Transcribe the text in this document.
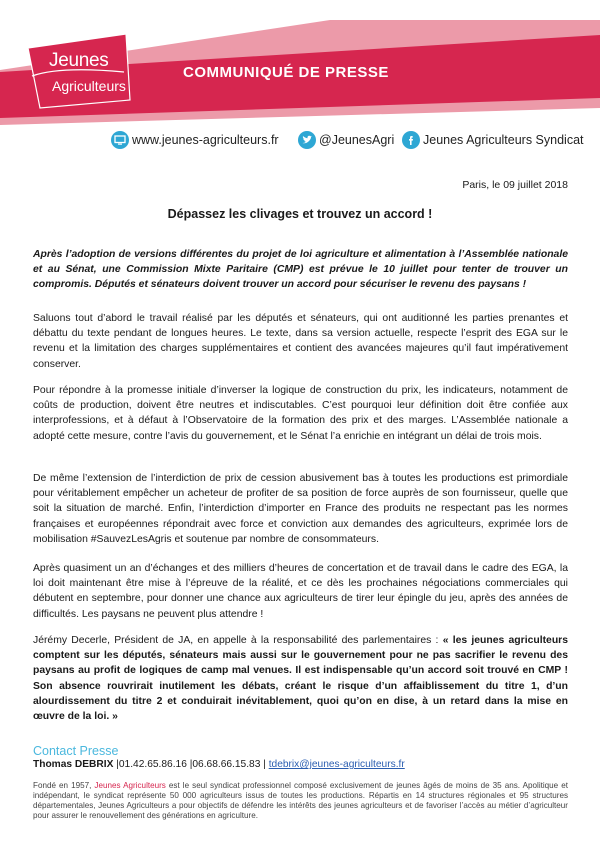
Jeunes
Agriculteurs
COMMUNIQUÉ DE PRESSE
www.jeunes-agriculteurs.fr	@JeunesAgri Jeunes Agriculteurs Syndicat
Paris, le 09 juillet 2018
Dépassez les clivages et trouvez un accord !

Après l’adoption de versions différentes du projet de loi agriculture et alimentation à l’Assemblée nationale et au Sénat, une Commission Mixte Paritaire (CMP) est prévue le 10 juillet pour tenter de trouver un compromis. Députés et sénateurs doivent trouver un accord pour sécuriser le revenu des paysans !

Saluons tout d’abord le travail réalisé par les députés et sénateurs, qui ont auditionné les parties prenantes et débattu du texte pendant de longues heures. Le texte, dans sa version actuelle, respecte l’esprit des EGA sur le revenu et la limitation des charges supplémentaires et contient des avancées majeures qu’il faut impérativement conserver.

Pour répondre à la promesse initiale d’inverser la logique de construction du prix, les indicateurs, notamment de coûts de production, doivent être neutres et indiscutables. C’est pourquoi leur définition doit être confiée aux interprofessions, et à défaut à l’Observatoire de la formation des prix et des marges. L’Assemblée nationale a adopté cette mesure, contre l’avis du gouvernement, et le Sénat l’a enrichie en intégrant un délai de trois mois.

De même l’extension de l’interdiction de prix de cession abusivement bas à toutes les productions est primordiale pour véritablement empêcher un acheteur de profiter de sa position de force auprès de son fournisseur, quelle que soit la situation de marché. Enfin, l’interdiction d’importer en France des produits ne respectant pas les normes françaises et européennes répondrait avec force et conviction aux demandes des agriculteurs, exprimée lors de mobilisation #SauvezLesAgris et soutenue par nombre de consommateurs.

Après quasiment un an d’échanges et des milliers d’heures de concertation et de travail dans le cadre des EGA, la loi doit maintenant être mise à l’épreuve de la réalité, et ce dès les prochaines négociations commerciales qui débutent en septembre, pour donner une chance aux agriculteurs de tirer leur épingle du jeu, après des années de difficultés. Les paysans ne peuvent plus attendre !

Jérémy Decerle, Président de JA, en appelle à la responsabilité des parlementaires : « les jeunes agriculteurs comptent sur les députés, sénateurs mais aussi sur le gouvernement pour ne pas sacrifier le revenu des paysans au profit de logiques de camp mal venues. Il est indispensable qu’un accord soit trouvé en CMP ! Son absence rouvrirait inutilement les débats, créant le risque d’un affaiblissement du titre 1, d’un alourdissement du titre 2 et conduirait inévitablement, quoi qu’on en dise, à un retard dans la mise en œuvre de la loi. »

Contact Presse
Thomas DEBRIX |01.42.65.86.16 |06.68.66.15.83 | tdebrix@jeunes-agriculteurs.fr

Fondé en 1957, Jeunes Agriculteurs est le seul syndicat professionnel composé exclusivement de jeunes âgés de moins de 35 ans. Apolitique et indépendant, le syndicat représente 50 000 agriculteurs issus de toutes les productions. Répartis en 14 structures régionales et 95 structures départementales, Jeunes Agriculteurs a pour objectifs de défendre les intérêts des jeunes agriculteurs et de favoriser l’accès au métier d’agriculteur pour assurer le renouvellement des générations en agriculture.
